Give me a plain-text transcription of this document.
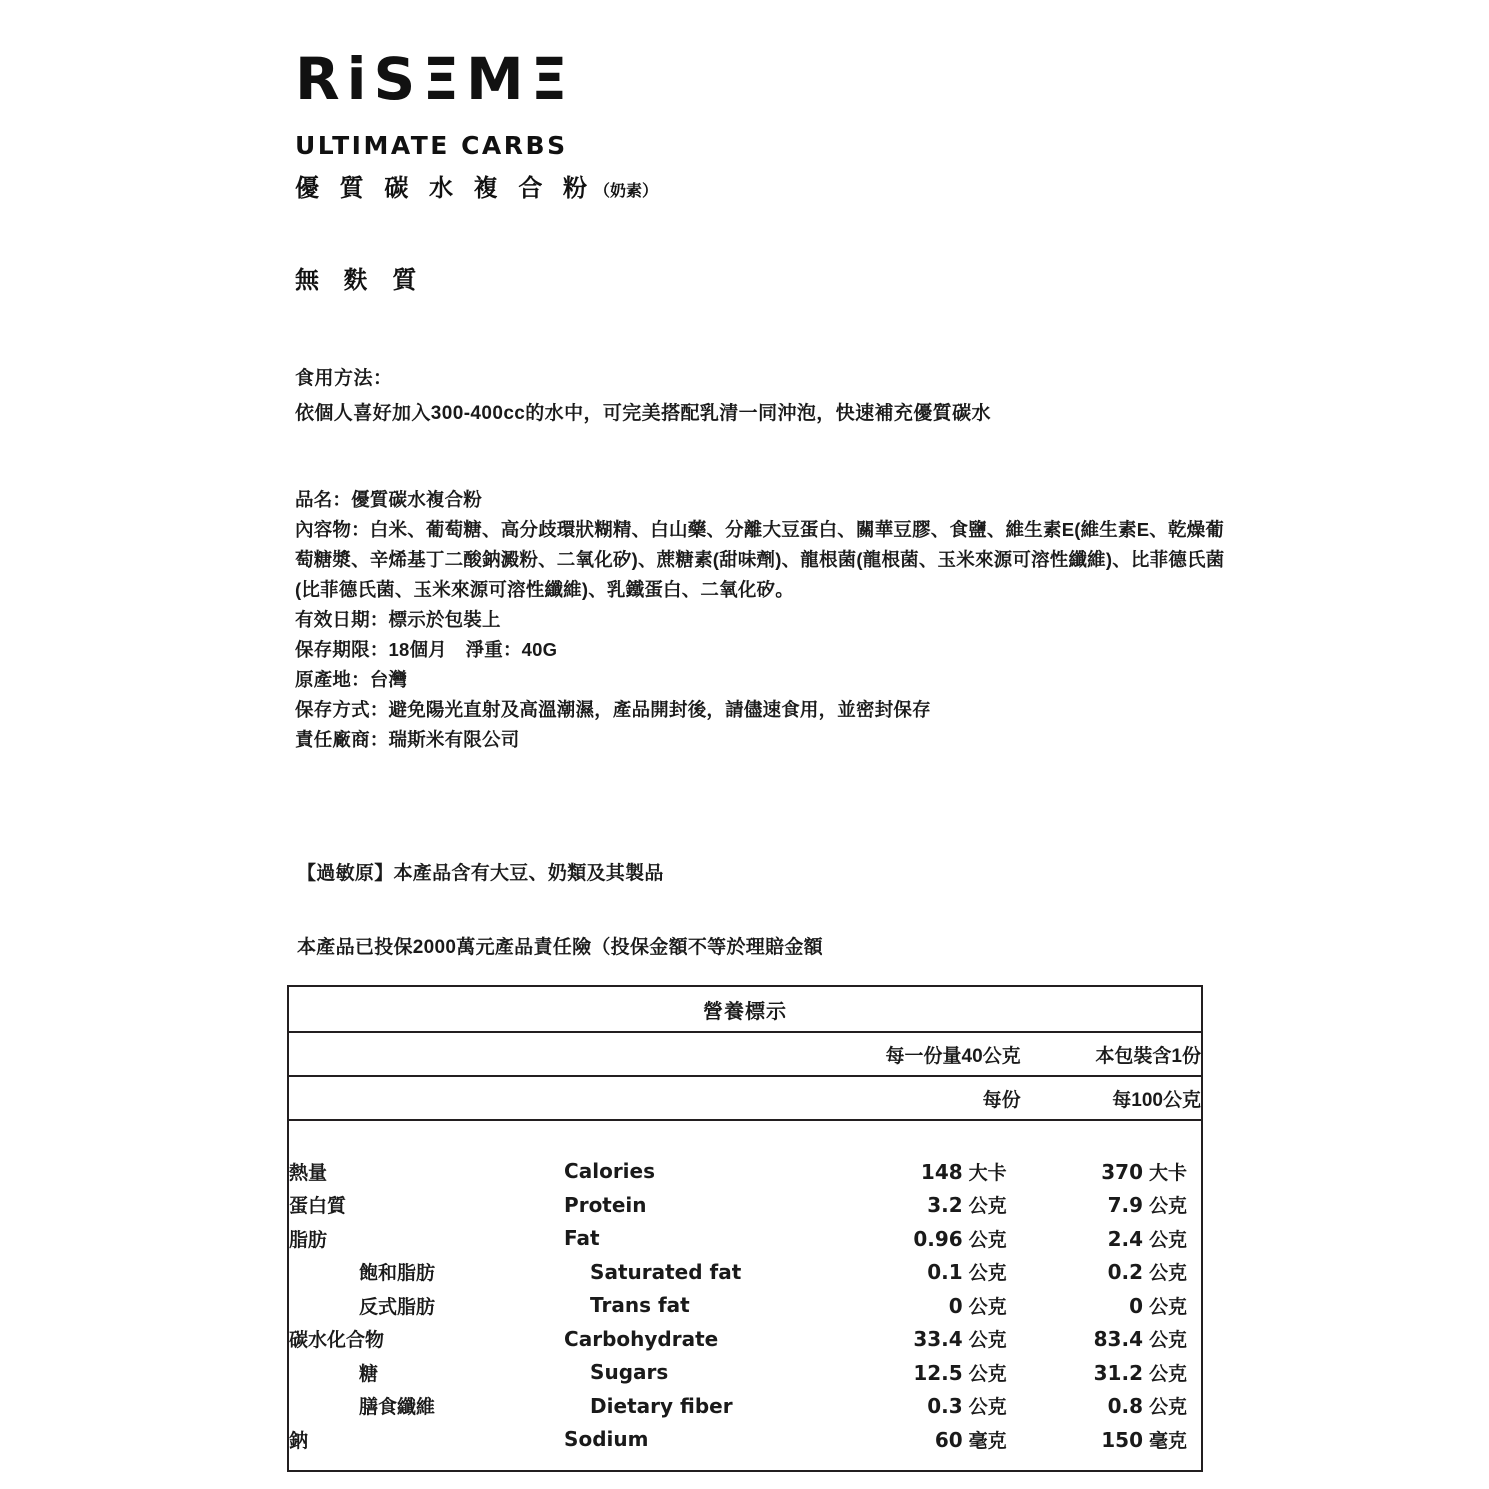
RiSΞMΞ
ULTIMATE CARBS
優 質 碳 水 複 合 粉（奶素）
無 麩 質
食用方法：
依個人喜好加入300-400cc的水中，可完美搭配乳清一同沖泡，快速補充優質碳水

品名：優質碳水複合粉

內容物：白米、葡萄糖、高分歧環狀糊精、白山藥、分離大豆蛋白、關華豆膠、食鹽、維生素E(維生素E、乾燥葡萄糖漿、辛烯基丁二酸鈉澱粉、二氧化矽)、蔗糖素(甜味劑)、龍根菌(龍根菌、玉米來源可溶性纖維)、比菲德氏菌(比菲德氏菌、玉米來源可溶性纖維)、乳鐵蛋白、二氧化矽。

有效日期：標示於包裝上

保存期限：18個月　淨重：40G

原產地：台灣

保存方式：避免陽光直射及高溫潮濕，產品開封後，請儘速食用，並密封保存

責任廠商：瑞斯米有限公司

【過敏原】本產品含有大豆、奶類及其製品
本產品已投保2000萬元產品責任險（投保金額不等於理賠金額
營養標示			
		每一份量40公克	本包裝含1份
		每份	每100公克

熱量	Calories	148 大卡	370 大卡
蛋白質	Protein	3.2 公克	7.9 公克
脂肪	Fat	0.96 公克	2.4 公克
飽和脂肪	Saturated fat	0.1 公克	0.2 公克
反式脂肪	Trans fat	0 公克	0 公克
碳水化合物	Carbohydrate	33.4 公克	83.4 公克
糖	Sugars	12.5 公克	31.2 公克
膳食纖維	Dietary fiber	0.3 公克	0.8 公克
鈉	Sodium	60 毫克	150 毫克
